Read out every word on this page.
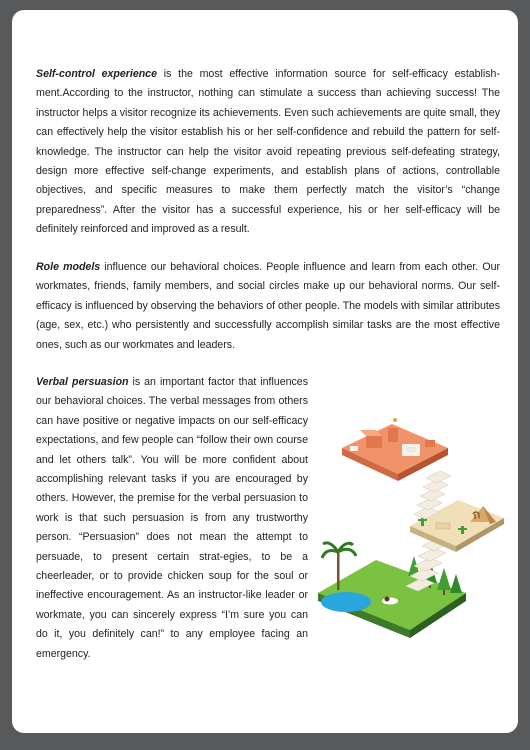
Self-control experience is the most effective information source for self-efficacy establish-ment.According to the instructor, nothing can stimulate a success than achieving success! The instructor helps a visitor recognize its achievements. Even such achievements are quite small, they can effectively help the visitor establish his or her self-confidence and rebuild the pattern for self-knowledge. The instructor can help the visitor avoid repeating previous self-defeating strategy, design more effective self-change experiments, and establish plans of actions, controllable objectives, and specific measures to make them perfectly match the visitor’s “change preparedness”. After the visitor has a successful experience, his or her self-efficacy will be definitely reinforced and improved as a result.

Role models influence our behavioral choices. People influence and learn from each other. Our workmates, friends, family members, and social circles make up our behavioral norms. Our self-efficacy is influenced by observing the behaviors of other people. The models with similar attributes (age, sex, etc.) who persistently and successfully accomplish similar tasks are the most effective ones, such as our workmates and leaders.

Verbal persuasion is an important factor that influences our behavioral choices. The verbal messages from others can have positive or negative impacts on our self-efficacy expectations, and few people can “follow their own course and let others talk”. You will be more confident about accomplishing relevant tasks if you are encouraged by others. However, the premise for the verbal persuasion to work is that such persuasion is from any trustworthy person. “Persuasion” does not mean the attempt to persuade, to present certain strat-egies, to be a cheerleader, or to provide chicken soup for the soul or ineffective encouragement. As an instructor-like leader or workmate, you can sincerely express “I’m sure you can do it, you definitely can!” to any employee facing an emergency.
